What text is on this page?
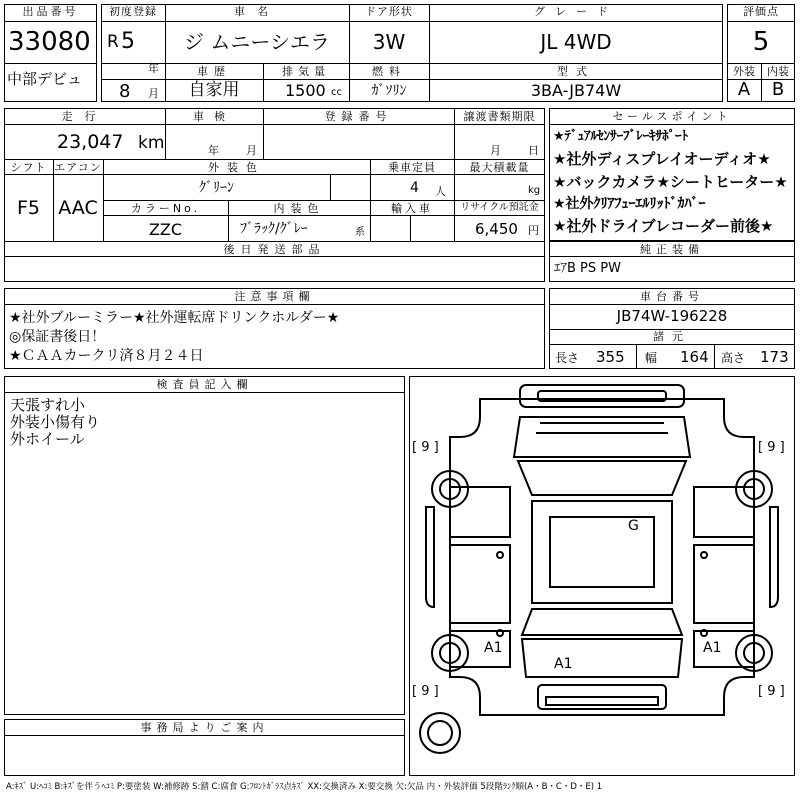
出品番号
33080
中部デビュ
初度登録
R 5
年
8 月
車名
ジ ムニーシエラ
ドア形状
3W
グレード
JL 4WD
車歴
自家用
排気量
1500 cc
燃料
ｶﾞｿﾘﾝ
型式
3BA-JB74W
評価点
5
外装	内装
A	B
走行
23,047 km
車検
年 月
登録番号	譲渡書類期限
月 日
シフト
F5
エアコン
AAC
外装色
ｸﾞﾘｰﾝ
乗車定員
4 人
最大積載量
kg
カラーNo.
ZZC
内装色
ﾌﾞﾗｯｸ/ｸﾞﾚｰ	系
輸入車	リサイクル預託金
6,450 円
後日発送部品
セールスポイント
★ﾃﾞｭｱﾙｾﾝｻｰﾌﾞﾚｰｷｻﾎﾟｰﾄ
★社外ディスプレイオーディオ★
★バックカメラ★シートヒーター★
★社外ｸﾘｱﾌｭｰｴﾙﾘｯﾄﾞｶﾊﾞｰ
★社外ドライブレコーダー前後★
純正装備
ｴｱB PS PW
注意事項欄
★社外ブルーミラー★社外運転席ドリンクホルダー★
◎保証書後日！
★ＣＡＡカークリ済８月２４日
車台番号
JB74W-196228
諸元
長さ 355 幅 164 高さ 173
検査員記入欄
天張すれ小
外装小傷有り
外ホイール
事務局よりご案内
[ 9 ]	[ 9 ]
[ 9 ]	[ 9 ]
G
A1	A1
A1
A:ｷｽﾞ U:ﾍｺﾐ B:ｷｽﾞを伴うﾍｺﾐ P:要塗装 W:補修跡 S:錆 C:腐食 G:ﾌﾛﾝﾄｶﾞﾗｽ点ｷｽﾞ XX:交換済み X:要交換 欠:欠品 内・外装評価 5段階ﾗﾝｸ順(A・B・C・D・E) 1
